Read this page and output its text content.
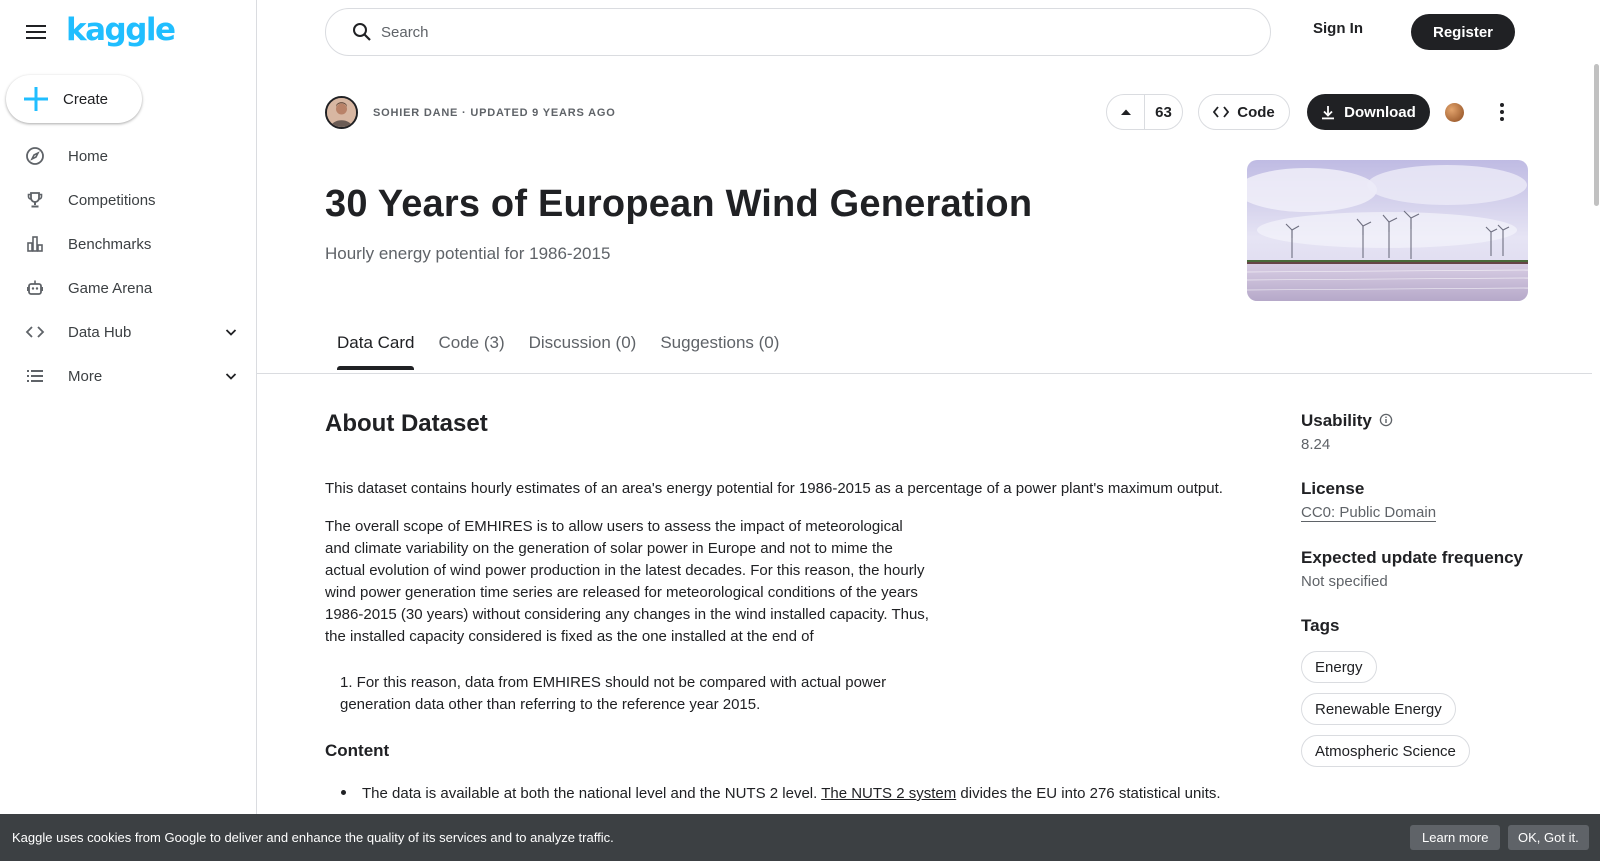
kaggle
Create
Home
Competitions
Benchmarks
Game Arena
Data Hub
More
Search
Sign In	Register
SOHIER DANE · UPDATED 9 YEARS AGO	63	Code	Download
30 Years of European Wind Generation
Hourly energy potential for 1986-2015
Data Card Code (3) Discussion (0) Suggestions (0)
About Dataset

This dataset contains hourly estimates of an area's energy potential for 1986-2015 as a percentage of a power plant's maximum output.

The overall scope of EMHIRES is to allow users to assess the impact of meteorological and climate variability on the generation of solar power in Europe and not to mime the actual evolution of wind power production in the latest decades. For this reason, the hourly wind power generation time series are released for meteorological conditions of the years 1986-2015 (30 years) without considering any changes in the wind installed capacity. Thus, the installed capacity considered is fixed as the one installed at the end of

1. For this reason, data from EMHIRES should not be compared with actual power generation data other than referring to the reference year 2015.
Content
The data is available at both the national level and the NUTS 2 level. The NUTS 2 system divides the EU into 276 statistical units.
Usability
8.24
License
CC0: Public Domain
Expected update frequency
Not specified
Tags
Energy
Renewable Energy
Atmospheric Science
Kaggle uses cookies from Google to deliver and enhance the quality of its services and to analyze traffic.	Learn more	OK, Got it.
